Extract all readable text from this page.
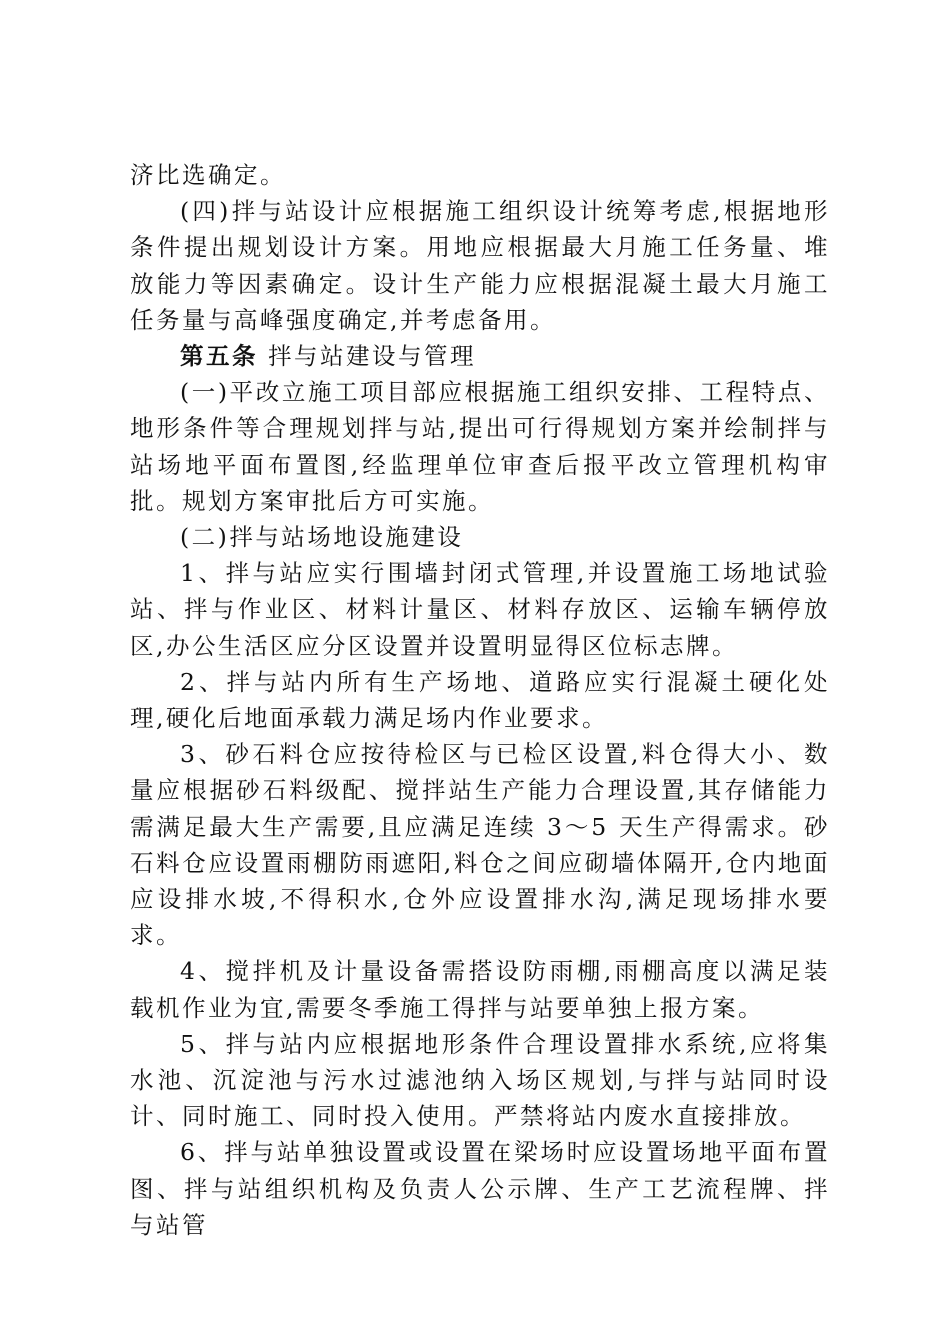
济比选确定。

(四)拌与站设计应根据施工组织设计统筹考虑,根据地形条件提出规划设计方案。用地应根据最大月施工任务量、堆放能力等因素确定。设计生产能力应根据混凝土最大月施工任务量与高峰强度确定,并考虑备用。

第五条 拌与站建设与管理

(一)平改立施工项目部应根据施工组织安排、工程特点、地形条件等合理规划拌与站,提出可行得规划方案并绘制拌与站场地平面布置图,经监理单位审查后报平改立管理机构审批。规划方案审批后方可实施。

(二)拌与站场地设施建设

1、拌与站应实行围墙封闭式管理,并设置施工场地试验站、拌与作业区、材料计量区、材料存放区、运输车辆停放区,办公生活区应分区设置并设置明显得区位标志牌。

2、拌与站内所有生产场地、道路应实行混凝土硬化处理,硬化后地面承载力满足场内作业要求。

3、砂石料仓应按待检区与已检区设置,料仓得大小、数量应根据砂石料级配、搅拌站生产能力合理设置,其存储能力需满足最大生产需要,且应满足连续 3～5 天生产得需求。砂石料仓应设置雨棚防雨遮阳,料仓之间应砌墙体隔开,仓内地面应设排水坡,不得积水,仓外应设置排水沟,满足现场排水要求。

4、搅拌机及计量设备需搭设防雨棚,雨棚高度以满足装载机作业为宜,需要冬季施工得拌与站要单独上报方案。

5、拌与站内应根据地形条件合理设置排水系统,应将集水池、沉淀池与污水过滤池纳入场区规划,与拌与站同时设计、同时施工、同时投入使用。严禁将站内废水直接排放。

6、拌与站单独设置或设置在梁场时应设置场地平面布置图、拌与站组织机构及负责人公示牌、生产工艺流程牌、拌与站管
